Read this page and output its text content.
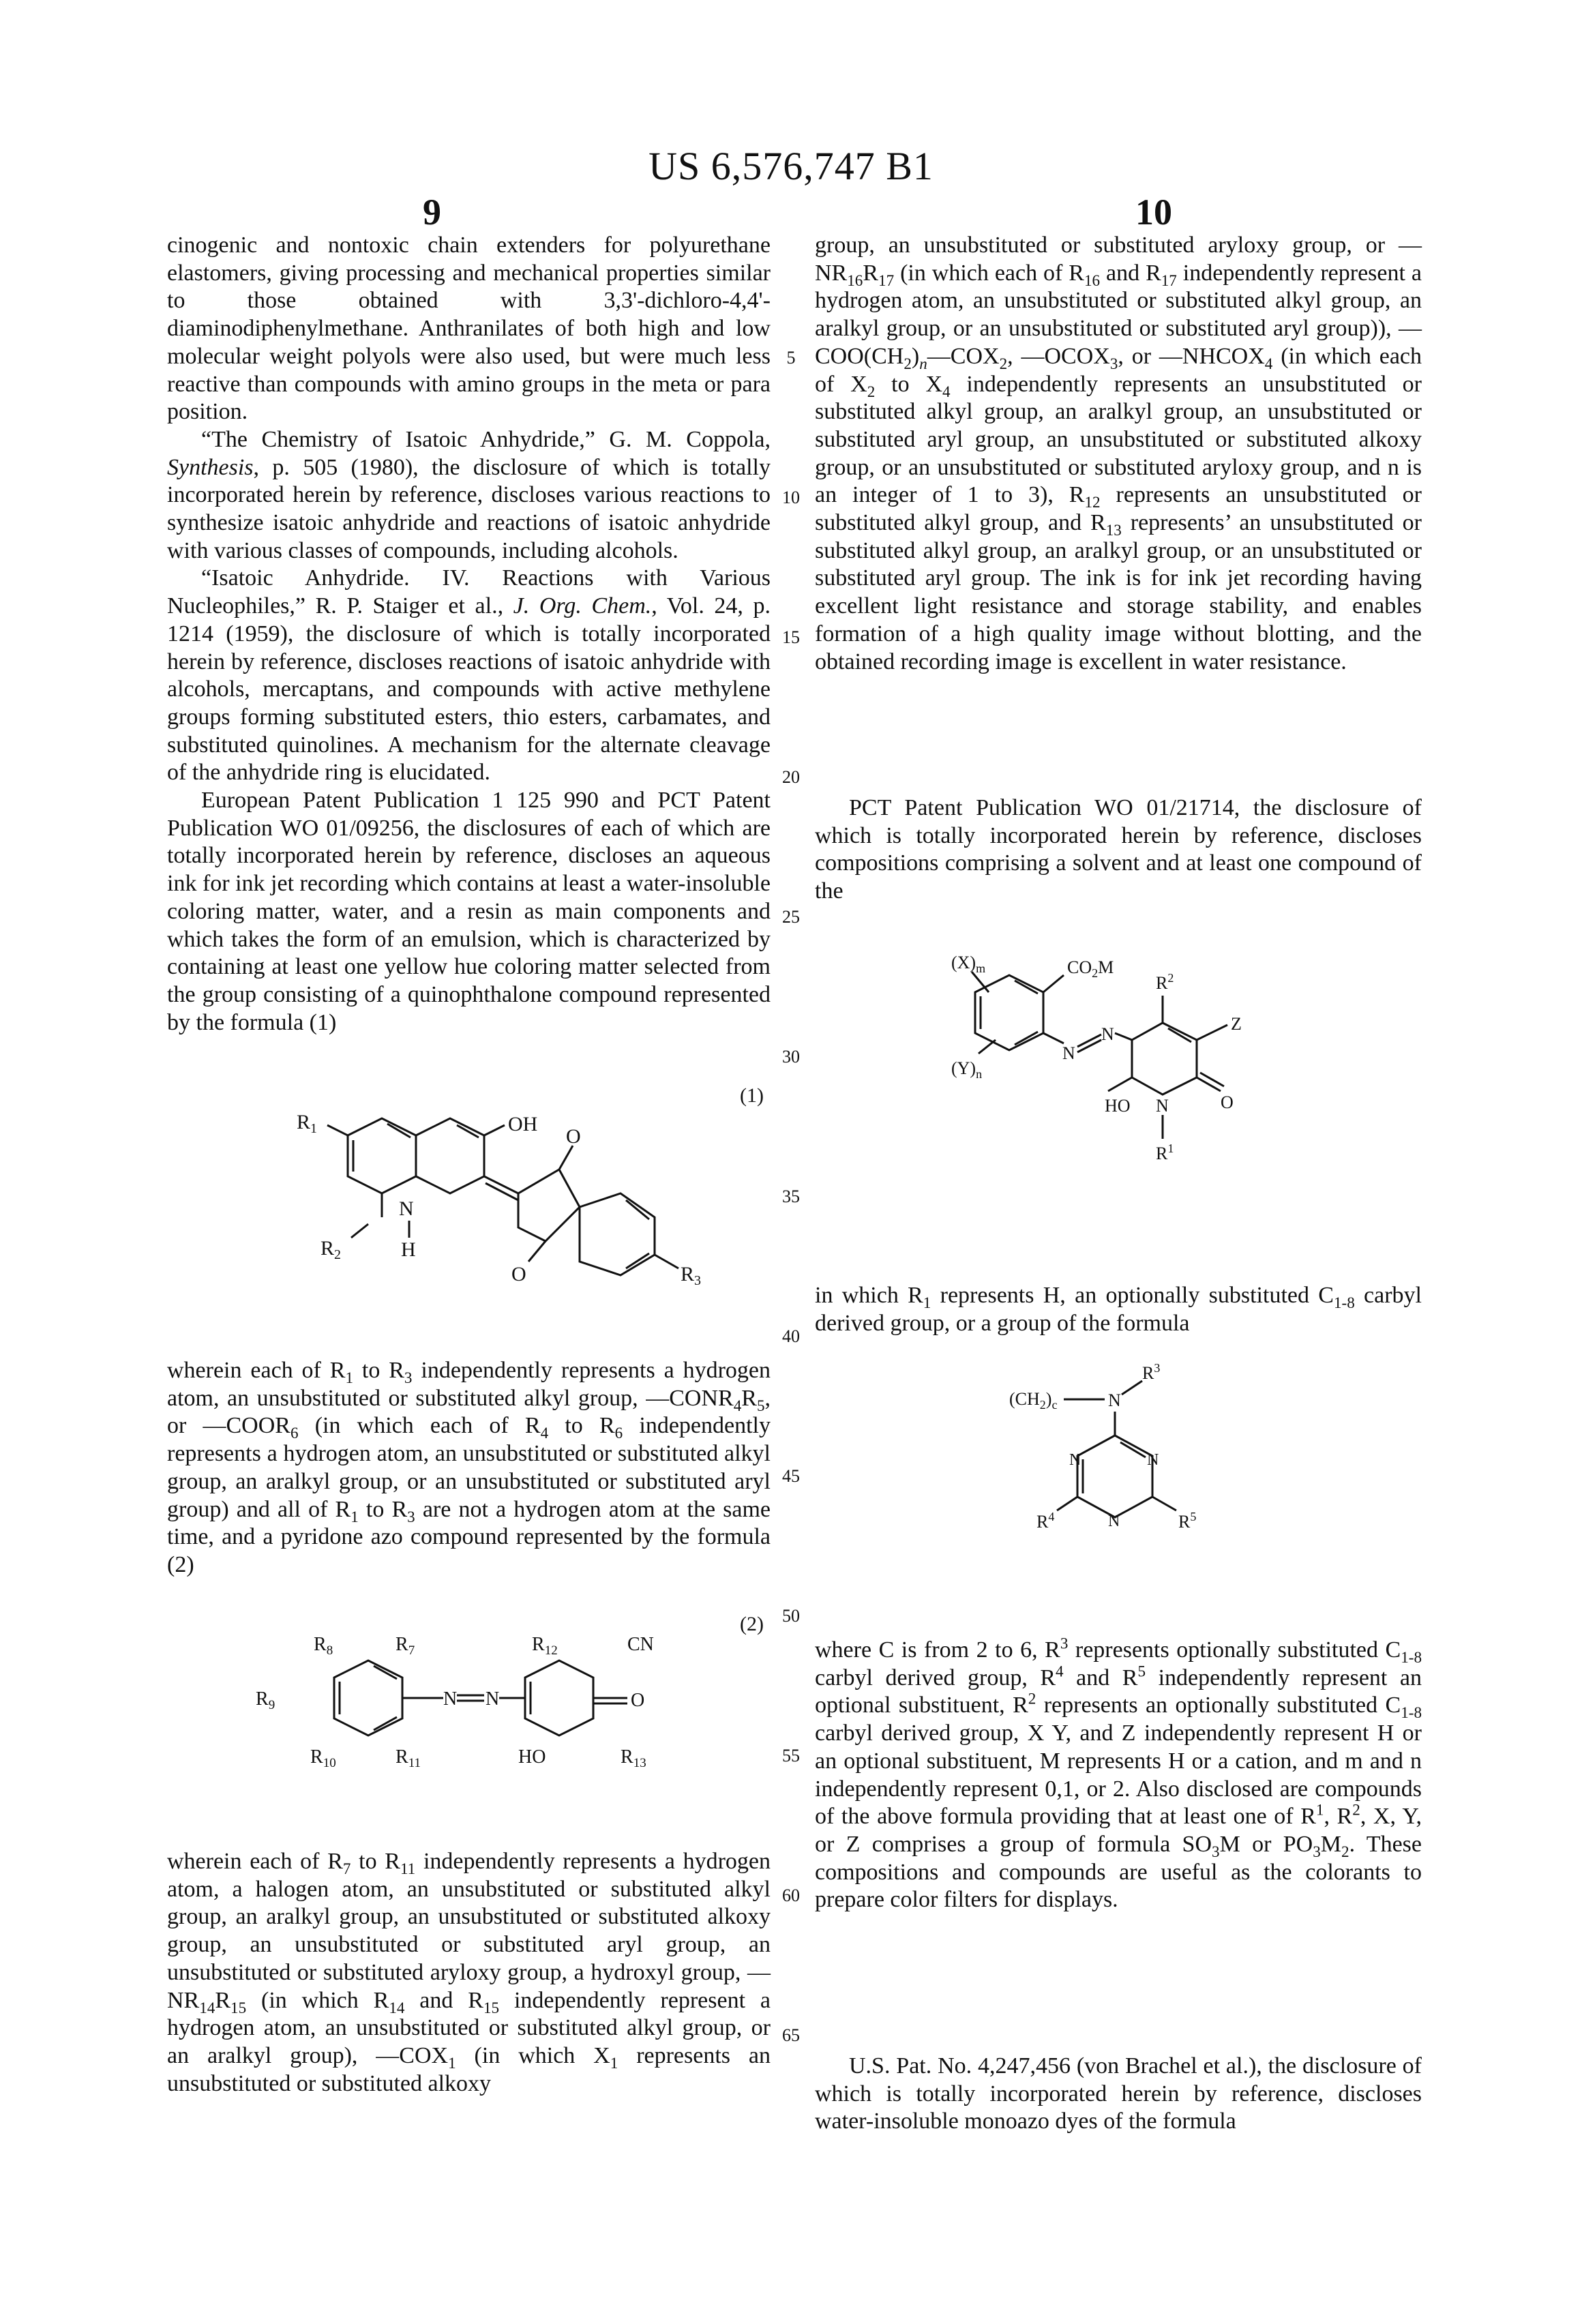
US 6,576,747 B1
9	10

cinogenic and nontoxic chain extenders for polyurethane elastomers, giving processing and mechanical properties similar to those obtained with 3,3'-dichloro-4,4'-diaminodiphenylmethane. Anthranilates of both high and low molecular weight polyols were also used, but were much less reactive than compounds with amino groups in the meta or para position.

“The Chemistry of Isatoic Anhydride,” G. M. Coppola, Synthesis, p. 505 (1980), the disclosure of which is totally incorporated herein by reference, discloses various reactions to synthesize isatoic anhydride and reactions of isatoic anhydride with various classes of compounds, including alcohols.

“Isatoic Anhydride. IV. Reactions with Various Nucleophiles,” R. P. Staiger et al., J. Org. Chem., Vol. 24, p. 1214 (1959), the disclosure of which is totally incorporated herein by reference, discloses reactions of isatoic anhydride with alcohols, mercaptans, and compounds with active methylene groups forming substituted esters, thio esters, carbamates, and substituted quinolines. A mechanism for the alternate cleavage of the anhydride ring is elucidated.

European Patent Publication 1 125 990 and PCT Patent Publication WO 01/09256, the disclosures of each of which are totally incorporated herein by reference, discloses an aqueous ink for ink jet recording which contains at least a water-insoluble coloring matter, water, and a resin as main components and which takes the form of an emulsion, which is characterized by containing at least one yellow hue coloring matter selected from the group consisting of a quinophthalone compound represented by the formula (1)

(1)
R1	OH
R2
N
H
O
O	R3

wherein each of R1 to R3 independently represents a hydrogen atom, an unsubstituted or substituted alkyl group, —CONR4R5, or —COOR6 (in which each of R4 to R6 independently represents a hydrogen atom, an unsubstituted or substituted alkyl group, an aralkyl group, or an unsubstituted or substituted aryl group) and all of R1 to R3 are not a hydrogen atom at the same time, and a pyridone azo compound represented by the formula (2)

(2)
R8	R7
R9
R10	R11
N N	O
R12	CN
HO	R13

wherein each of R7 to R11 independently represents a hydrogen atom, a halogen atom, an unsubstituted or substituted alkyl group, an aralkyl group, an unsubstituted or substituted alkoxy group, an unsubstituted or substituted aryl group, an unsubstituted or substituted aryloxy group, a hydroxyl group, —NR14R15 (in which R14 and R15 independently represent a hydrogen atom, an unsubstituted or substituted alkyl group, or an aralkyl group), —COX1 (in which X1 represents an unsubstituted or substituted alkoxy

group, an unsubstituted or substituted aryloxy group, or —NR16R17 (in which each of R16 and R17 independently represent a hydrogen atom, an unsubstituted or substituted alkyl group, an aralkyl group, or an unsubstituted or substituted aryl group)), —COO(CH2)n—COX2, —OCOX3, or —NHCOX4 (in which each of X2 to X4 independently represents an unsubstituted or substituted alkyl group, an aralkyl group, an unsubstituted or substituted aryl group, an unsubstituted or substituted alkoxy group, or an unsubstituted or substituted aryloxy group, and n is an integer of 1 to 3), R12 represents an unsubstituted or substituted alkyl group, and R13 represents’ an unsubstituted or substituted alkyl group, an aralkyl group, or an unsubstituted or substituted aryl group. The ink is for ink jet recording having excellent light resistance and storage stability, and enables formation of a high quality image without blotting, and the obtained recording image is excellent in water resistance.

PCT Patent Publication WO 01/21714, the disclosure of which is totally incorporated herein by reference, discloses compositions comprising a solvent and at least one compound of the

(X)m
(Y)n
CO2M
N
N
R2
Z
O
HO N
R1

in which R1 represents H, an optionally substituted C1-8 carbyl derived group, or a group of the formula

(CH2)c	N
R3
N	N
N
R4	R5

where C is from 2 to 6, R3 represents optionally substituted C1-8 carbyl derived group, R4 and R5 independently represent an optional substituent, R2 represents an optionally substituted C1-8 carbyl derived group, X Y, and Z independently represent H or an optional substituent, M represents H or a cation, and m and n independently represent 0,1, or 2. Also disclosed are compounds of the above formula providing that at least one of R1, R2, X, Y, or Z comprises a group of formula SO3M or PO3M2. These compositions and compounds are useful as the colorants to prepare color filters for displays.

U.S. Pat. No. 4,247,456 (von Brachel et al.), the disclosure of which is totally incorporated herein by reference, discloses water-insoluble monoazo dyes of the formula

5
10
15
20
25
30
35
40
45
50
55
60
65
